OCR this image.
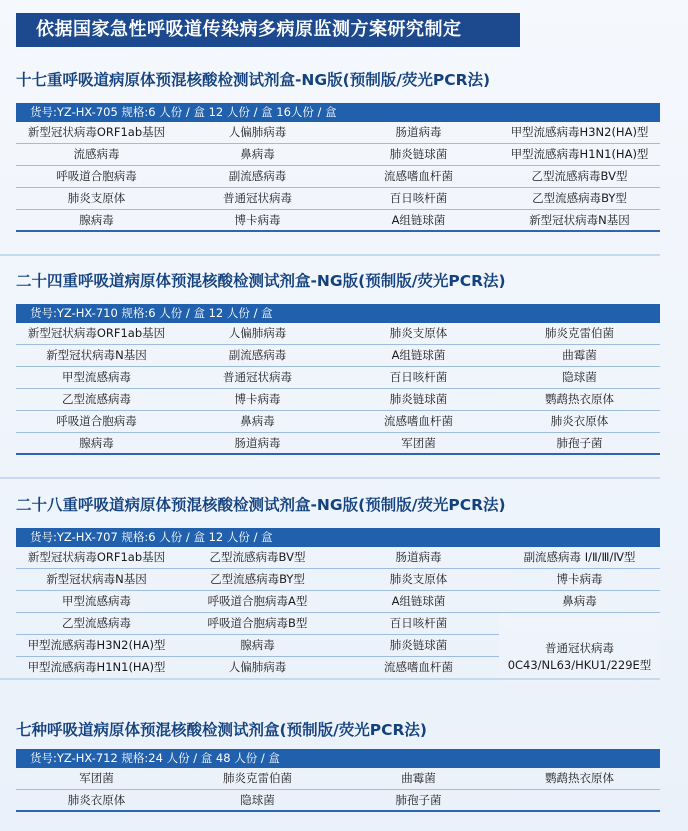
依据国家急性呼吸道传染病多病原监测方案研究制定
十七重呼吸道病原体预混核酸检测试剂盒-NG版(预制版/荧光PCR法)
货号:YZ-HX-705 规格:6 人份 / 盒 12 人份 / 盒 16人份 / 盒
新型冠状病毒ORF1ab基因	人偏肺病毒	肠道病毒	甲型流感病毒H3N2(HA)型
流感病毒	鼻病毒	肺炎链球菌	甲型流感病毒H1N1(HA)型
呼吸道合胞病毒	副流感病毒	流感嗜血杆菌	乙型流感病毒BV型
肺炎支原体	普通冠状病毒	百日咳杆菌	乙型流感病毒BY型
腺病毒	博卡病毒	A组链球菌	新型冠状病毒N基因
二十四重呼吸道病原体预混核酸检测试剂盒-NG版(预制版/荧光PCR法)
货号:YZ-HX-710 规格:6 人份 / 盒 12 人份 / 盒
新型冠状病毒ORF1ab基因	人偏肺病毒	肺炎支原体	肺炎克雷伯菌
新型冠状病毒N基因	副流感病毒	A组链球菌	曲霉菌
甲型流感病毒	普通冠状病毒	百日咳杆菌	隐球菌
乙型流感病毒	博卡病毒	肺炎链球菌	鹦鹉热衣原体
呼吸道合胞病毒	鼻病毒	流感嗜血杆菌	肺炎衣原体
腺病毒	肠道病毒	军团菌	肺孢子菌
二十八重呼吸道病原体预混核酸检测试剂盒-NG版(预制版/荧光PCR法)
货号:YZ-HX-707 规格:6 人份 / 盒 12 人份 / 盒
新型冠状病毒ORF1ab基因	乙型流感病毒BV型	肠道病毒	副流感病毒 Ⅰ/Ⅱ/Ⅲ/Ⅳ型
新型冠状病毒N基因	乙型流感病毒BY型	肺炎支原体	博卡病毒
甲型流感病毒	呼吸道合胞病毒A型	A组链球菌	鼻病毒
乙型流感病毒	呼吸道合胞病毒B型	百日咳杆菌
甲型流感病毒H3N2(HA)型	腺病毒	肺炎链球菌
甲型流感病毒H1N1(HA)型	人偏肺病毒	流感嗜血杆菌
普通冠状病毒
0C43/NL63/HKU1/229E型
七种呼吸道病原体预混核酸检测试剂盒(预制版/荧光PCR法)
货号:YZ-HX-712 规格:24 人份 / 盒 48 人份 / 盒
军团菌	肺炎克雷伯菌	曲霉菌	鹦鹉热衣原体
肺炎衣原体	隐球菌	肺孢子菌
